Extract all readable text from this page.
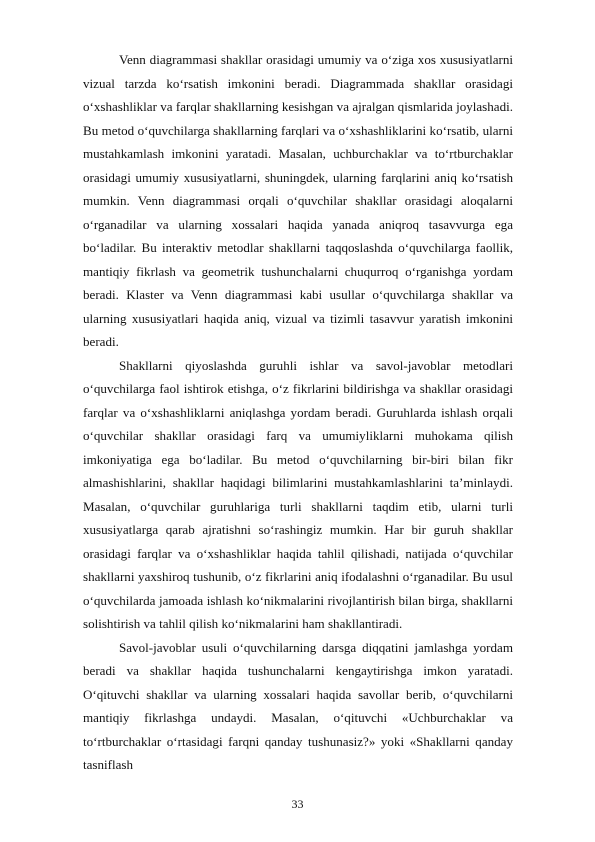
Venn diagrammasi shakllar orasidagi umumiy va o‘ziga xos xususiyatlarni vizual tarzda ko‘rsatish imkonini beradi. Diagrammada shakllar orasidagi o‘xshashliklar va farqlar shakllarning kesishgan va ajralgan qismlarida joylashadi. Bu metod o‘quvchilarga shakllarning farqlari va o‘xshashliklarini ko‘rsatib, ularni mustahkamlash imkonini yaratadi. Masalan, uchburchaklar va to‘rtburchaklar orasidagi umumiy xususiyatlarni, shuningdek, ularning farqlarini aniq ko‘rsatish mumkin. Venn diagrammasi orqali o‘quvchilar shakllar orasidagi aloqalarni o‘rganadilar va ularning xossalari haqida yanada aniqroq tasavvurga ega bo‘ladilar. Bu interaktiv metodlar shakllarni taqqoslashda o‘quvchilarga faollik, mantiqiy fikrlash va geometrik tushunchalarni chuqurroq o‘rganishga yordam beradi. Klaster va Venn diagrammasi kabi usullar o‘quvchilarga shakllar va ularning xususiyatlari haqida aniq, vizual va tizimli tasavvur yaratish imkonini beradi.

Shakllarni qiyoslashda guruhli ishlar va savol-javoblar metodlari o‘quvchilarga faol ishtirok etishga, o‘z fikrlarini bildirishga va shakllar orasidagi farqlar va o‘xshashliklarni aniqlashga yordam beradi. Guruhlarda ishlash orqali o‘quvchilar shakllar orasidagi farq va umumiyliklarni muhokama qilish imkoniyatiga ega bo‘ladilar. Bu metod o‘quvchilarning bir-biri bilan fikr almashishlarini, shakllar haqidagi bilimlarini mustahkamlashlarini ta’minlaydi. Masalan, o‘quvchilar guruhlariga turli shakllarni taqdim etib, ularni turli xususiyatlarga qarab ajratishni so‘rashingiz mumkin. Har bir guruh shakllar orasidagi farqlar va o‘xshashliklar haqida tahlil qilishadi, natijada o‘quvchilar shakllarni yaxshiroq tushunib, o‘z fikrlarini aniq ifodalashni o‘rganadilar. Bu usul o‘quvchilarda jamoada ishlash ko‘nikmalarini rivojlantirish bilan birga, shakllarni solishtirish va tahlil qilish ko‘nikmalarini ham shakllantiradi.

Savol-javoblar usuli o‘quvchilarning darsga diqqatini jamlashga yordam beradi va shakllar haqida tushunchalarni kengaytirishga imkon yaratadi. O‘qituvchi shakllar va ularning xossalari haqida savollar berib, o‘quvchilarni mantiqiy fikrlashga undaydi. Masalan, o‘qituvchi «Uchburchaklar va to‘rtburchaklar o‘rtasidagi farqni qanday tushunasiz?» yoki «Shakllarni qanday tasniflash

33
